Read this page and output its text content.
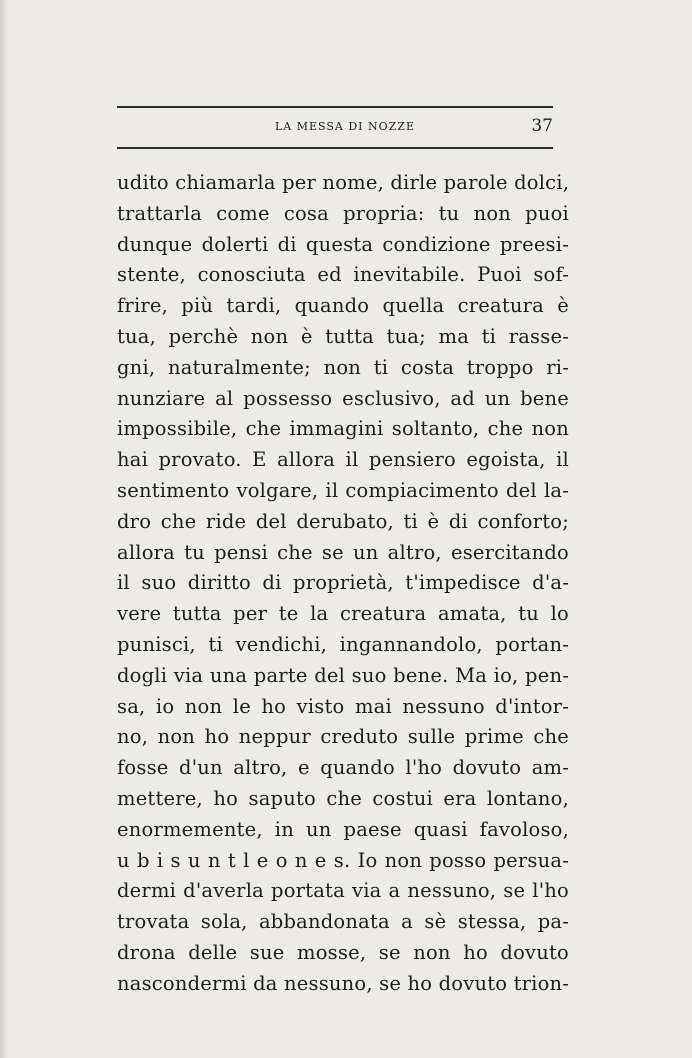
LA MESSA DI NOZZE	37
udito chiamarla per nome, dirle parole dolci,
trattarla come cosa propria: tu non puoi
dunque dolerti di questa condizione preesi-
stente, conosciuta ed inevitabile. Puoi sof-
frire, più tardi, quando quella creatura è
tua, perchè non è tutta tua; ma ti rasse-
gni, naturalmente; non ti costa troppo ri-
nunziare al possesso esclusivo, ad un bene
impossibile, che immagini soltanto, che non
hai provato. E allora il pensiero egoista, il
sentimento volgare, il compiacimento del la-
dro che ride del derubato, ti è di conforto;
allora tu pensi che se un altro, esercitando
il suo diritto di proprietà, t'impedisce d'a-
vere tutta per te la creatura amata, tu lo
punisci, ti vendichi, ingannandolo, portan-
dogli via una parte del suo bene. Ma io, pen-
sa, io non le ho visto mai nessuno d'intor-
no, non ho neppur creduto sulle prime che
fosse d'un altro, e quando l'ho dovuto am-
mettere, ho saputo che costui era lontano,
enormemente, in un paese quasi favoloso,
u b i s u n t l e o n e s. Io non posso persua-
dermi d'averla portata via a nessuno, se l'ho
trovata sola, abbandonata a sè stessa, pa-
drona delle sue mosse, se non ho dovuto
nascondermi da nessuno, se ho dovuto trion-
